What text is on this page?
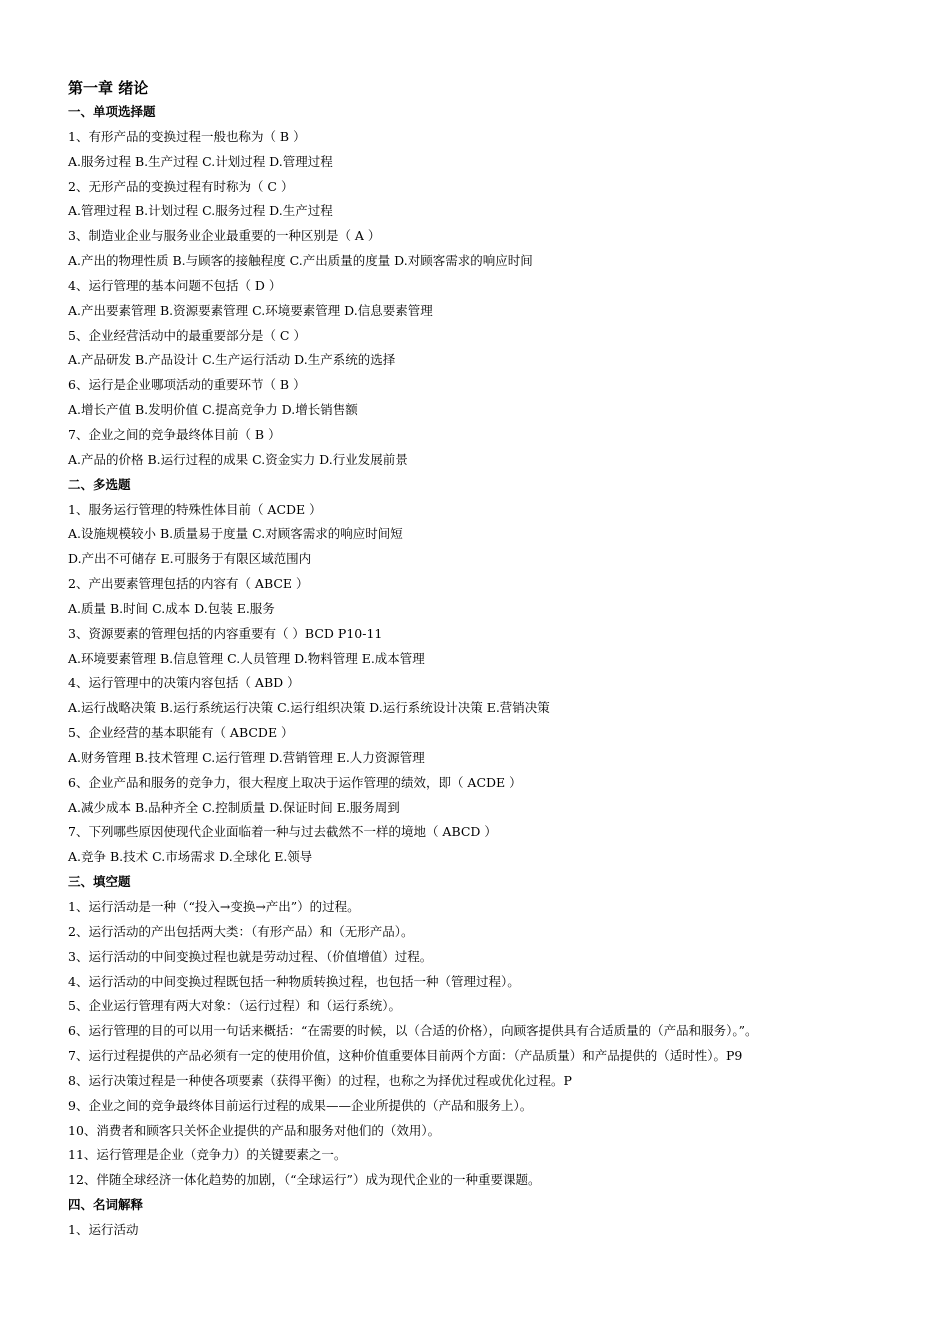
第一章 绪论
一、单项选择题
1、有形产品的变换过程一般也称为（ B ）
A.服务过程 B.生产过程 C.计划过程 D.管理过程
2、无形产品的变换过程有时称为（ C ）
A.管理过程 B.计划过程 C.服务过程 D.生产过程
3、制造业企业与服务业企业最重要的一种区别是（ A ）
A.产出的物理性质 B.与顾客的接触程度 C.产出质量的度量 D.对顾客需求的响应时间
4、运行管理的基本问题不包括（ D ）
A.产出要素管理 B.资源要素管理 C.环境要素管理 D.信息要素管理
5、企业经营活动中的最重要部分是（ C ）
A.产品研发 B.产品设计 C.生产运行活动 D.生产系统的选择
6、运行是企业哪项活动的重要环节（ B ）
A.增长产值 B.发明价值 C.提高竞争力 D.增长销售额
7、企业之间的竞争最终体目前（ B ）
A.产品的价格 B.运行过程的成果 C.资金实力 D.行业发展前景
二、多选题
1、服务运行管理的特殊性体目前（ ACDE ）
A.设施规模较小 B.质量易于度量 C.对顾客需求的响应时间短
D.产出不可储存 E.可服务于有限区域范围内
2、产出要素管理包括的内容有（ ABCE ）
A.质量 B.时间 C.成本 D.包装 E.服务
3、资源要素的管理包括的内容重要有（ ）BCD P10-11
A.环境要素管理 B.信息管理 C.人员管理 D.物料管理 E.成本管理
4、运行管理中的决策内容包括（ ABD ）
A.运行战略决策 B.运行系统运行决策 C.运行组织决策 D.运行系统设计决策 E.营销决策
5、企业经营的基本职能有（ ABCDE ）
A.财务管理 B.技术管理 C.运行管理 D.营销管理 E.人力资源管理
6、企业产品和服务的竞争力，很大程度上取决于运作管理的绩效，即（ ACDE ）
A.减少成本 B.品种齐全 C.控制质量 D.保证时间 E.服务周到
7、下列哪些原因使现代企业面临着一种与过去截然不一样的境地（ ABCD ）
A.竞争 B.技术 C.市场需求 D.全球化 E.领导
三、填空题
1、运行活动是一种（“投入→变换→产出”）的过程。
2、运行活动的产出包括两大类：（有形产品）和（无形产品）。
3、运行活动的中间变换过程也就是劳动过程、（价值增值）过程。
4、运行活动的中间变换过程既包括一种物质转换过程，也包括一种（管理过程）。
5、企业运行管理有两大对象：（运行过程）和（运行系统）。
6、运行管理的目的可以用一句话来概括：“在需要的时候，以（合适的价格），向顾客提供具有合适质量的（产品和服务）。”。
7、运行过程提供的产品必须有一定的使用价值，这种价值重要体目前两个方面：（产品质量）和产品提供的（适时性）。P9
8、运行决策过程是一种使各项要素（获得平衡）的过程，也称之为择优过程或优化过程。P
9、企业之间的竞争最终体目前运行过程的成果——企业所提供的（产品和服务上）。
10、消费者和顾客只关怀企业提供的产品和服务对他们的（效用）。
11、运行管理是企业（竞争力）的关键要素之一。
12、伴随全球经济一体化趋势的加剧，（“全球运行”）成为现代企业的一种重要课题。
四、名词解释
1、运行活动
